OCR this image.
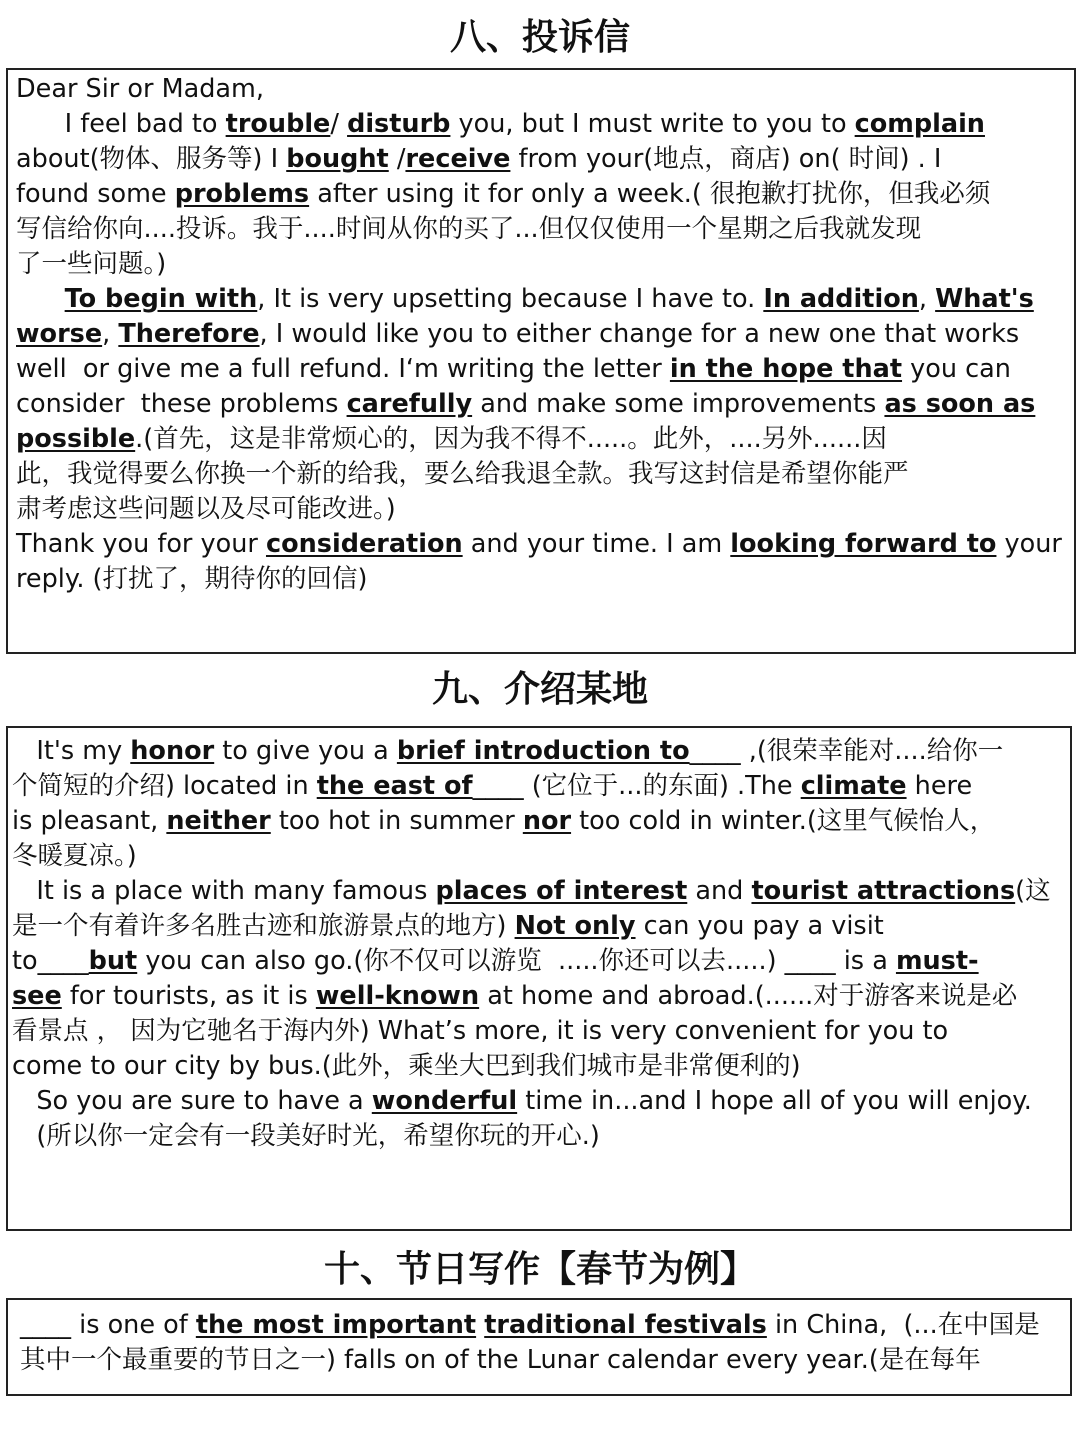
八、投诉信
Dear Sir or Madam,
I feel bad to trouble/ disturb you, but I must write to you to complain
about(物体、服务等) I bought /receive from your(地点，商店) on( 时间) . I
found some problems after using it for only a week.( 很抱歉打扰你，但我必须
写信给你向....投诉。我于....时间从你的买了...但仅仅使用一个星期之后我就发现
了一些问题。)
To begin with, It is very upsetting because I have to. In addition, What's
worse, Therefore, I would like you to either change for a new one that works
well  or give me a full refund. I‘m writing the letter in the hope that you can
consider  these problems carefully and make some improvements as soon as
possible.(首先，这是非常烦心的，因为我不得不.....。此外，....另外......因
此，我觉得要么你换一个新的给我，要么给我退全款。我写这封信是希望你能严
肃考虑这些问题以及尽可能改进。)
Thank you for your consideration and your time. I am looking forward to your
reply. (打扰了，期待你的回信)
九、介绍某地
It's my honor to give you a brief introduction to____ ,(很荣幸能对....给你一
个简短的介绍) located in the east of____ (它位于...的东面) .The climate here
is pleasant, neither too hot in summer nor too cold in winter.(这里气候怡人，
冬暖夏凉。)
It is a place with many famous places of interest and tourist attractions(这
是一个有着许多名胜古迹和旅游景点的地方) Not only can you pay a visit
to____but you can also go.(你不仅可以游览  .....你还可以去.....) ____ is a must-
see for tourists, as it is well-known at home and abroad.(......对于游客来说是必
看景点 ， 因为它驰名于海内外) What’s more, it is very convenient for you to
come to our city by bus.(此外，乘坐大巴到我们城市是非常便利的)
So you are sure to have a wonderful time in...and I hope all of you will enjoy.
(所以你一定会有一段美好时光，希望你玩的开心.)
十、节日写作【春节为例】
____ is one of the most important traditional festivals in China,  (...在中国是
其中一个最重要的节日之一) falls on of the Lunar calendar every year.(是在每年
